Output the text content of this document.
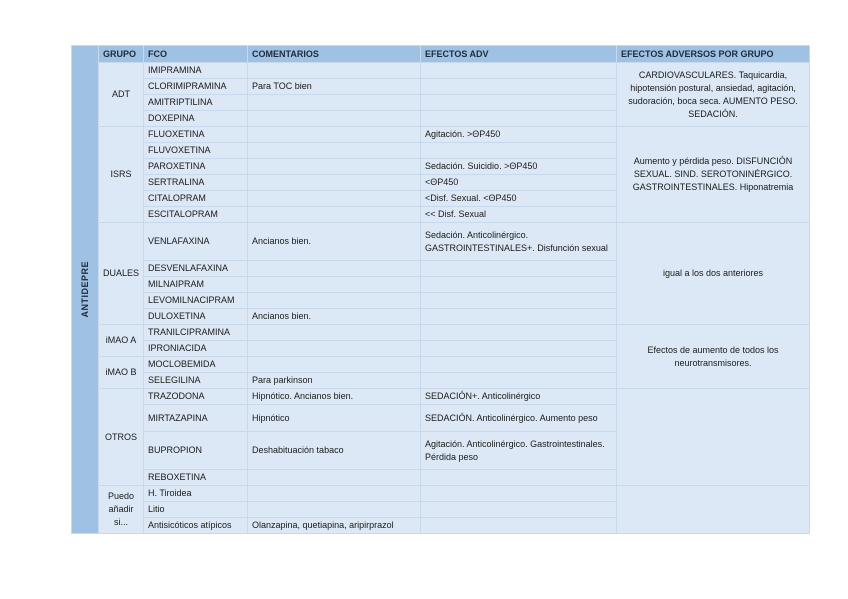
ANTIDEPRE	GRUPO	FCO	COMENTARIOS	EFECTOS ADV	EFECTOS ADVERSOS POR GRUPO
	ADT	IMIPRAMINA			CARDIOVASCULARES. Taquicardia, hipotensión postural, ansiedad, agitación, sudoración, boca seca. AUMENTO PESO. SEDACIÓN.
		CLORIMIPRAMINA	Para TOC bien		
		AMITRIPTILINA			
		DOXEPINA			
	ISRS	FLUOXETINA		Agitación. >ΘP450	Aumento y pérdida peso. DISFUNCIÓN SEXUAL. SIND. SEROTONINÉRGICO. GASTROINTESTINALES. Hiponatremia
		FLUVOXETINA			
		PAROXETINA		Sedación. Suicidio. >ΘP450	
		SERTRALINA		<ΘP450	
		CITALOPRAM		<Disf. Sexual. <ΘP450	
		ESCITALOPRAM		<< Disf. Sexual	
	DUALES	VENLAFAXINA	Ancianos bien.	Sedación. Anticolinérgico. GASTROINTESTINALES+. Disfunción sexual	igual a los dos anteriores
		DESVENLAFAXINA			
		MILNAIPRAM			
		LEVOMILNACIPRAM			
		DULOXETINA	Ancianos bien.		
	iMAO A	TRANILCIPRAMINA			Efectos de aumento de todos los neurotransmisores.
		IPRONIACIDA			
	iMAO B	MOCLOBEMIDA			
		SELEGILINA	Para parkinson		
	OTROS	TRAZODONA	Hipnótico. Ancianos bien.	SEDACIÓN+. Anticolinérgico	
		MIRTAZAPINA	Hipnótico	SEDACIÓN. Anticolinérgico. Aumento peso	
		BUPROPION	Deshabituación tabaco	Agitación. Anticolinérgico. Gastrointestinales. Pérdida peso	
		REBOXETINA			
	Puedo añadir si...	H. Tiroidea			
		Litio			
		Antisicóticos atípicos	Olanzapina, quetiapina, aripirprazol		
